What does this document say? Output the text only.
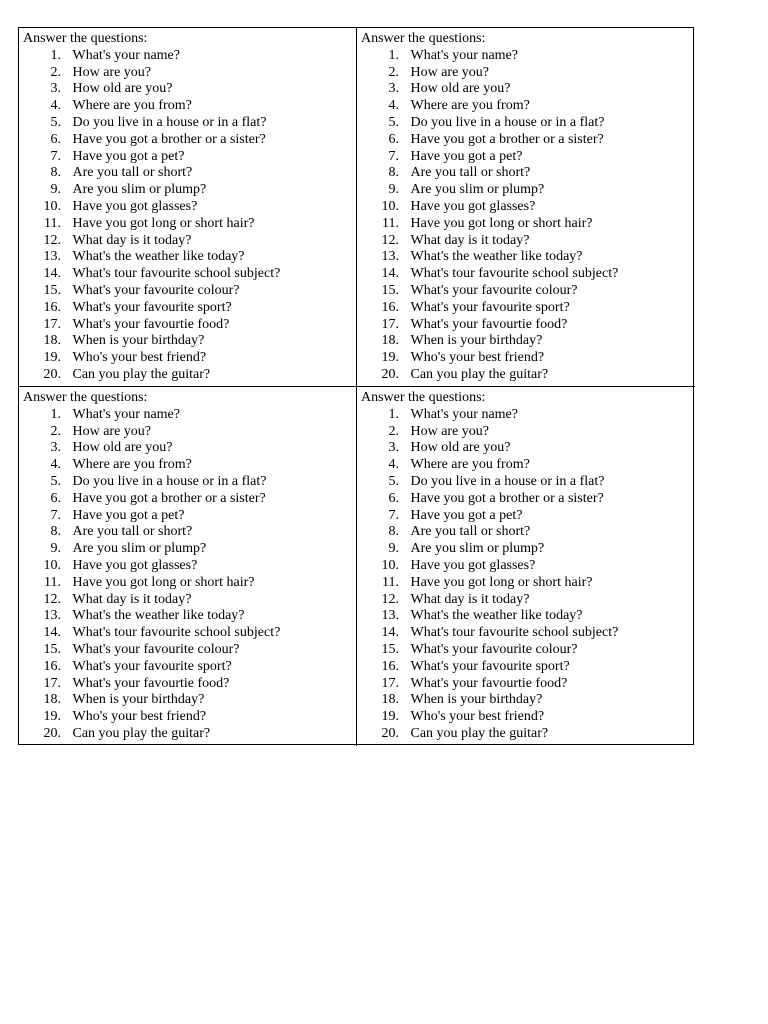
Answer the questions:
1. What's your name?
2. How are you?
3. How old are you?
4. Where are you from?
5. Do you live in a house or in a flat?
6. Have you got a brother or a sister?
7. Have you got a pet?
8. Are you tall or short?
9. Are you slim or plump?
10. Have you got glasses?
11. Have you got long or short hair?
12. What day is it today?
13. What's the weather like today?
14. What's tour favourite school subject?
15. What's your favourite colour?
16. What's your favourite sport?
17. What's your favourtie food?
18. When is your birthday?
19. Who's your best friend?
20. Can you play the guitar?
Answer the questions:
1. What's your name?
2. How are you?
3. How old are you?
4. Where are you from?
5. Do you live in a house or in a flat?
6. Have you got a brother or a sister?
7. Have you got a pet?
8. Are you tall or short?
9. Are you slim or plump?
10. Have you got glasses?
11. Have you got long or short hair?
12. What day is it today?
13. What's the weather like today?
14. What's tour favourite school subject?
15. What's your favourite colour?
16. What's your favourite sport?
17. What's your favourtie food?
18. When is your birthday?
19. Who's your best friend?
20. Can you play the guitar?
Answer the questions:
1. What's your name?
2. How are you?
3. How old are you?
4. Where are you from?
5. Do you live in a house or in a flat?
6. Have you got a brother or a sister?
7. Have you got a pet?
8. Are you tall or short?
9. Are you slim or plump?
10. Have you got glasses?
11. Have you got long or short hair?
12. What day is it today?
13. What's the weather like today?
14. What's tour favourite school subject?
15. What's your favourite colour?
16. What's your favourite sport?
17. What's your favourtie food?
18. When is your birthday?
19. Who's your best friend?
20. Can you play the guitar?
Answer the questions:
1. What's your name?
2. How are you?
3. How old are you?
4. Where are you from?
5. Do you live in a house or in a flat?
6. Have you got a brother or a sister?
7. Have you got a pet?
8. Are you tall or short?
9. Are you slim or plump?
10. Have you got glasses?
11. Have you got long or short hair?
12. What day is it today?
13. What's the weather like today?
14. What's tour favourite school subject?
15. What's your favourite colour?
16. What's your favourite sport?
17. What's your favourtie food?
18. When is your birthday?
19. Who's your best friend?
20. Can you play the guitar?
